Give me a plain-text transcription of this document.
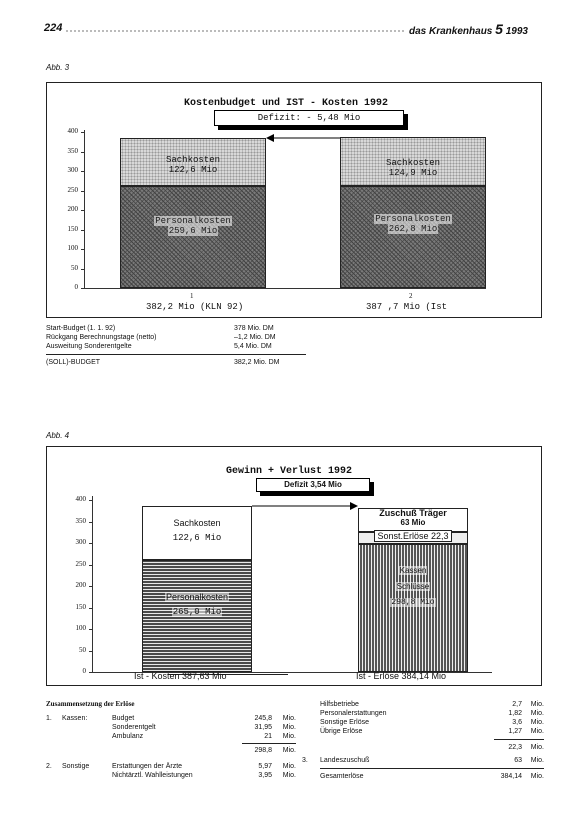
224	das Krankenhaus 5 1993
Abb. 3
Kostenbudget und IST - Kosten 1992
Defizit: - 5,48 Mio
400
350
300
250
200
150
100
50
0
Sachkosten
122,6 Mio
Personalkosten
259,6 Mio
Sachkosten
124,9 Mio
Personalkosten
262,8 Mio
1	2
382,2 Mio (KLN 92)	387 ,7 Mio (Ist
Start-Budget (1. 1. 92)	378 Mio. DM
Rückgang Berechnungstage (netto)	–1,2 Mio. DM
Ausweitung Sonderentgelte	5,4 Mio. DM
(SOLL)-BUDGET	382,2 Mio. DM
Abb. 4
Gewinn + Verlust 1992
Defizit 3,54 Mio
400
350
300
250
200
150
100
50
0
Sachkosten
122,6 Mio
Personalkosten
265,0 Mio
Zuschuß Träger
63 Mio
Sonst.Erlöse 22,3
Kassen
Schlüsse
298,8 Mio
Ist - Kosten 387,63 Mio	Ist - Erlöse 384,14 Mio
Zusammensetzung der Erlöse
1.	Kassen:	Budget	245,8	Mio.
Sonderentgelt	31,95	Mio.
Ambulanz	21	Mio.
298,8	Mio.
2.	Sonstige	Erstattungen der Ärzte	5,97	Mio.
Nichtärztl. Wahlleistungen	3,95	Mio.
Hilfsbetriebe	2,7	Mio.
Personalerstattungen	1,82	Mio.
Sonstige Erlöse	3,6	Mio.
Übrige Erlöse	1,27	Mio.
22,3	Mio.
3.	Landeszuschuß	63	Mio.
Gesamterlöse	384,14	Mio.
